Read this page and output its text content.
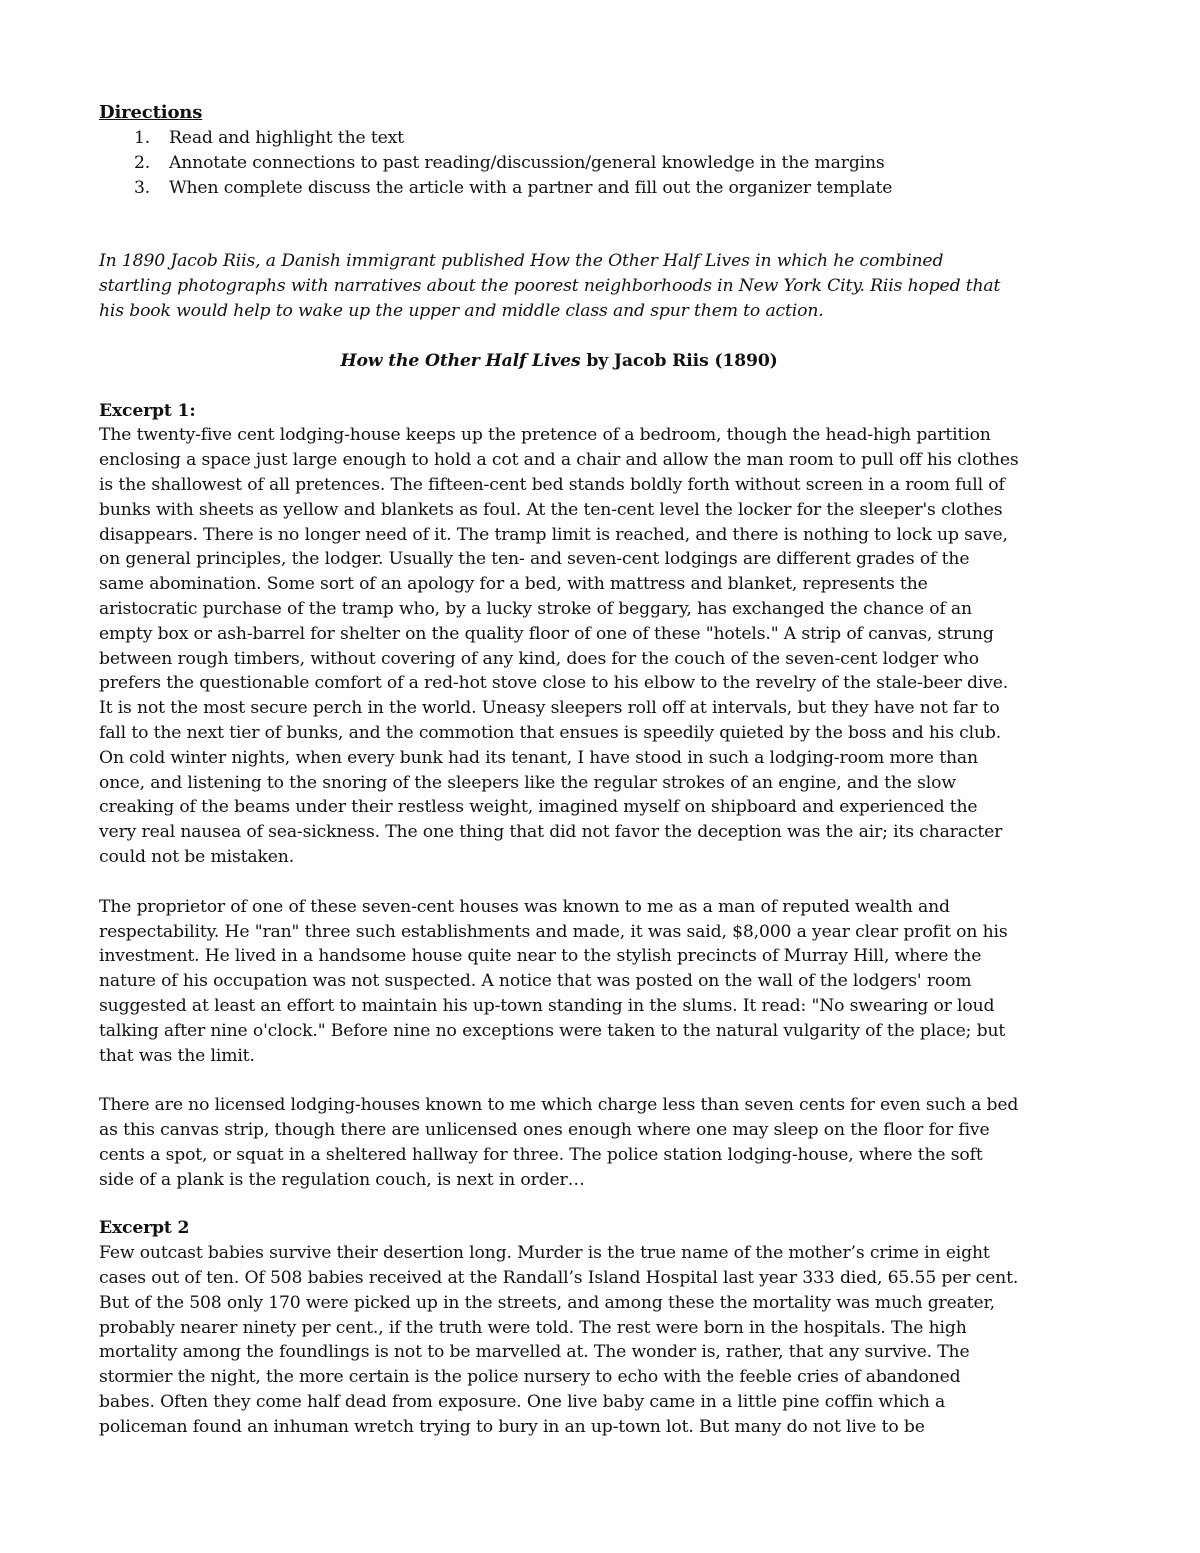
Directions

1.	Read and highlight the text
2.	Annotate connections to past reading/discussion/general knowledge in the margins
3.	When complete discuss the article with a partner and fill out the organizer template

In 1890 Jacob Riis, a Danish immigrant published How the Other Half Lives in which he combined startling photographs with narratives about the poorest neighborhoods in New York City. Riis hoped that his book would help to wake up the upper and middle class and spur them to action.

How the Other Half Lives by Jacob Riis (1890)

Excerpt 1:

The twenty-five cent lodging-house keeps up the pretence of a bedroom, though the head-high partition enclosing a space just large enough to hold a cot and a chair and allow the man room to pull off his clothes is the shallowest of all pretences. The fifteen-cent bed stands boldly forth without screen in a room full of bunks with sheets as yellow and blankets as foul. At the ten-cent level the locker for the sleeper's clothes disappears. There is no longer need of it. The tramp limit is reached, and there is nothing to lock up save, on general principles, the lodger. Usually the ten- and seven-cent lodgings are different grades of the same abomination. Some sort of an apology for a bed, with mattress and blanket, represents the aristocratic purchase of the tramp who, by a lucky stroke of beggary, has exchanged the chance of an empty box or ash-barrel for shelter on the quality floor of one of these "hotels." A strip of canvas, strung between rough timbers, without covering of any kind, does for the couch of the seven-cent lodger who prefers the questionable comfort of a red-hot stove close to his elbow to the revelry of the stale-beer dive. It is not the most secure perch in the world. Uneasy sleepers roll off at intervals, but they have not far to fall to the next tier of bunks, and the commotion that ensues is speedily quieted by the boss and his club. On cold winter nights, when every bunk had its tenant, I have stood in such a lodging-room more than once, and listening to the snoring of the sleepers like the regular strokes of an engine, and the slow creaking of the beams under their restless weight, imagined myself on shipboard and experienced the very real nausea of sea-sickness. The one thing that did not favor the deception was the air; its character could not be mistaken.

The proprietor of one of these seven-cent houses was known to me as a man of reputed wealth and respectability. He "ran" three such establishments and made, it was said, $8,000 a year clear profit on his investment. He lived in a handsome house quite near to the stylish precincts of Murray Hill, where the nature of his occupation was not suspected. A notice that was posted on the wall of the lodgers' room suggested at least an effort to maintain his up-town standing in the slums. It read: "No swearing or loud talking after nine o'clock." Before nine no exceptions were taken to the natural vulgarity of the place; but that was the limit.

There are no licensed lodging-houses known to me which charge less than seven cents for even such a bed as this canvas strip, though there are unlicensed ones enough where one may sleep on the floor for five cents a spot, or squat in a sheltered hallway for three. The police station lodging-house, where the soft side of a plank is the regulation couch, is next in order…

Excerpt 2

Few outcast babies survive their desertion long. Murder is the true name of the mother’s crime in eight cases out of ten. Of 508 babies received at the Randall’s Island Hospital last year 333 died, 65.55 per cent. But of the 508 only 170 were picked up in the streets, and among these the mortality was much greater, probably nearer ninety per cent., if the truth were told. The rest were born in the hospitals. The high mortality among the foundlings is not to be marvelled at. The wonder is, rather, that any survive. The stormier the night, the more certain is the police nursery to echo with the feeble cries of abandoned babes. Often they come half dead from exposure. One live baby came in a little pine coffin which a policeman found an inhuman wretch trying to bury in an up-town lot. But many do not live to be
